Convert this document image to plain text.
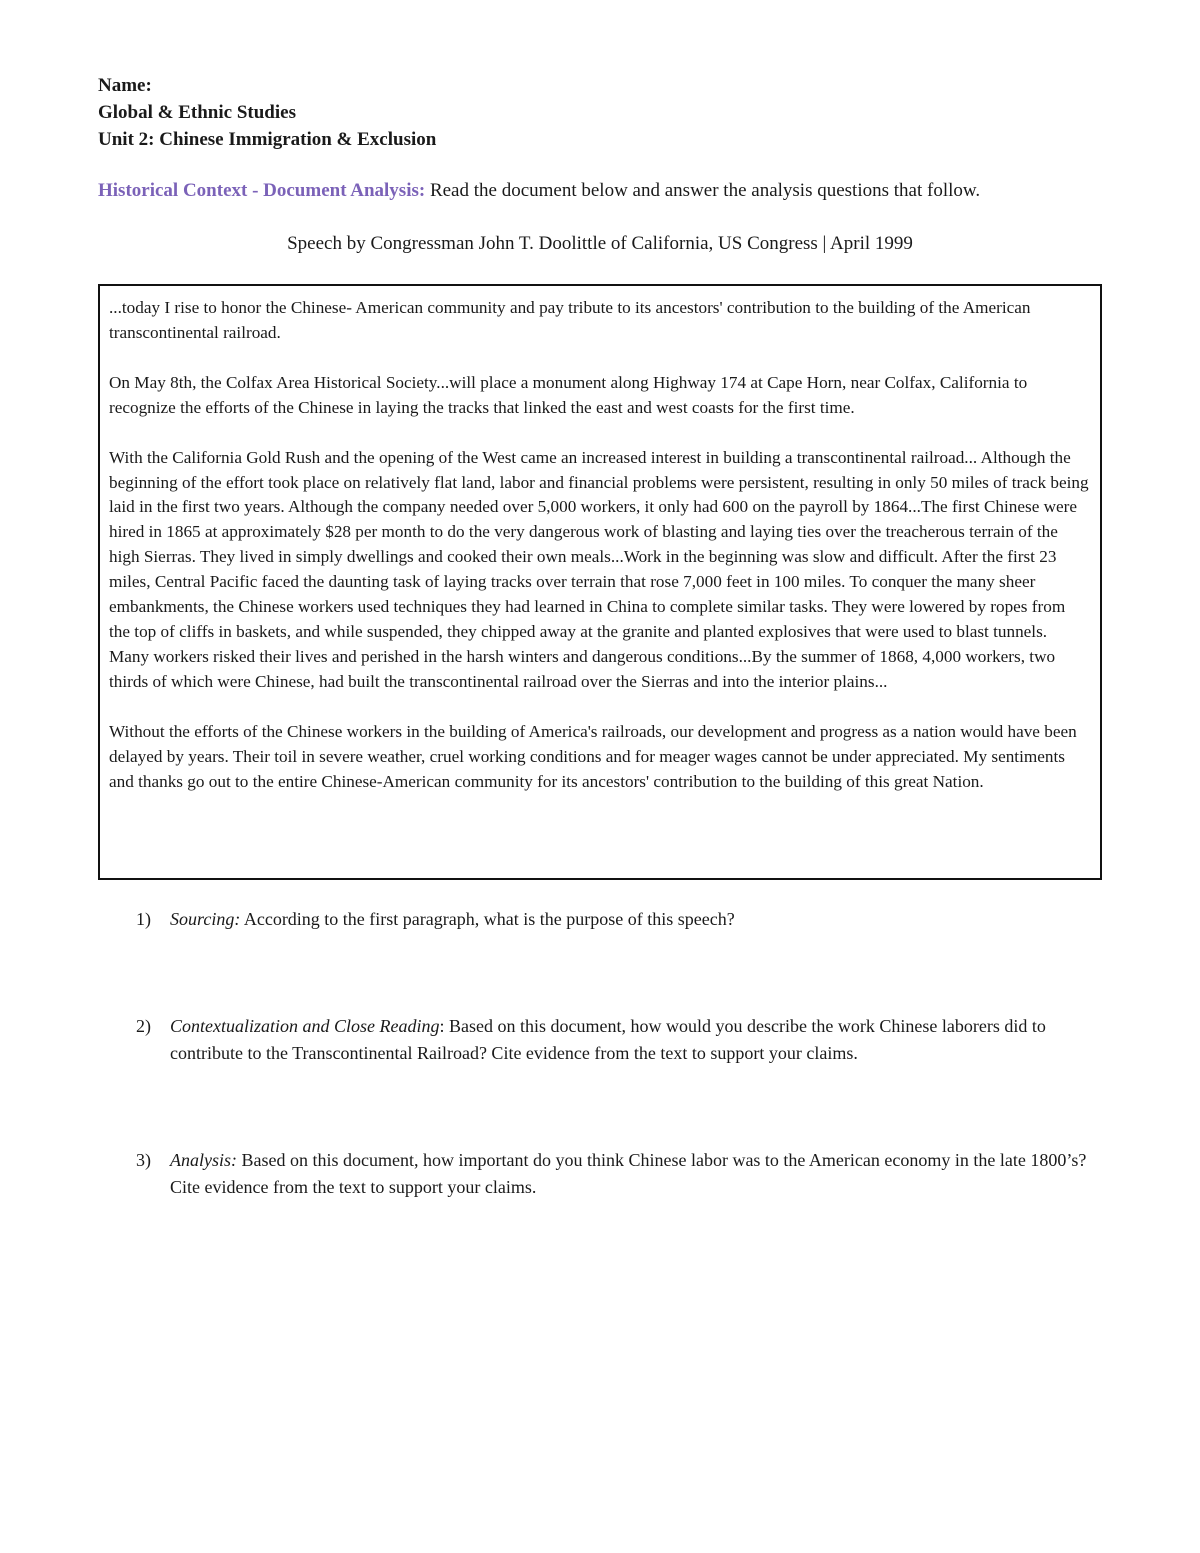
Name:
Global & Ethnic Studies
Unit 2: Chinese Immigration & Exclusion
Historical Context - Document Analysis: Read the document below and answer the analysis questions that follow.
Speech by Congressman John T. Doolittle of California, US Congress | April 1999

...today I rise to honor the Chinese- American community and pay tribute to its ancestors' contribution to the building of the American transcontinental railroad.

On May 8th, the Colfax Area Historical Society...will place a monument along Highway 174 at Cape Horn, near Colfax, California to recognize the efforts of the Chinese in laying the tracks that linked the east and west coasts for the first time.

With the California Gold Rush and the opening of the West came an increased interest in building a transcontinental railroad... Although the beginning of the effort took place on relatively flat land, labor and financial problems were persistent, resulting in only 50 miles of track being laid in the first two years. Although the company needed over 5,000 workers, it only had 600 on the payroll by 1864...The first Chinese were hired in 1865 at approximately $28 per month to do the very dangerous work of blasting and laying ties over the treacherous terrain of the high Sierras. They lived in simply dwellings and cooked their own meals...Work in the beginning was slow and difficult. After the first 23 miles, Central Pacific faced the daunting task of laying tracks over terrain that rose 7,000 feet in 100 miles. To conquer the many sheer embankments, the Chinese workers used techniques they had learned in China to complete similar tasks. They were lowered by ropes from the top of cliffs in baskets, and while suspended, they chipped away at the granite and planted explosives that were used to blast tunnels. Many workers risked their lives and perished in the harsh winters and dangerous conditions...By the summer of 1868, 4,000 workers, two thirds of which were Chinese, had built the transcontinental railroad over the Sierras and into the interior plains...

Without the efforts of the Chinese workers in the building of America's railroads, our development and progress as a nation would have been delayed by years. Their toil in severe weather, cruel working conditions and for meager wages cannot be under appreciated. My sentiments and thanks go out to the entire Chinese-American community for its ancestors' contribution to the building of this great Nation.

1)	Sourcing: According to the first paragraph, what is the purpose of this speech?
2)	Contextualization and Close Reading: Based on this document, how would you describe the work Chinese laborers did to contribute to the Transcontinental Railroad? Cite evidence from the text to support your claims.
3)	Analysis: Based on this document, how important do you think Chinese labor was to the American economy in the late 1800’s? Cite evidence from the text to support your claims.
